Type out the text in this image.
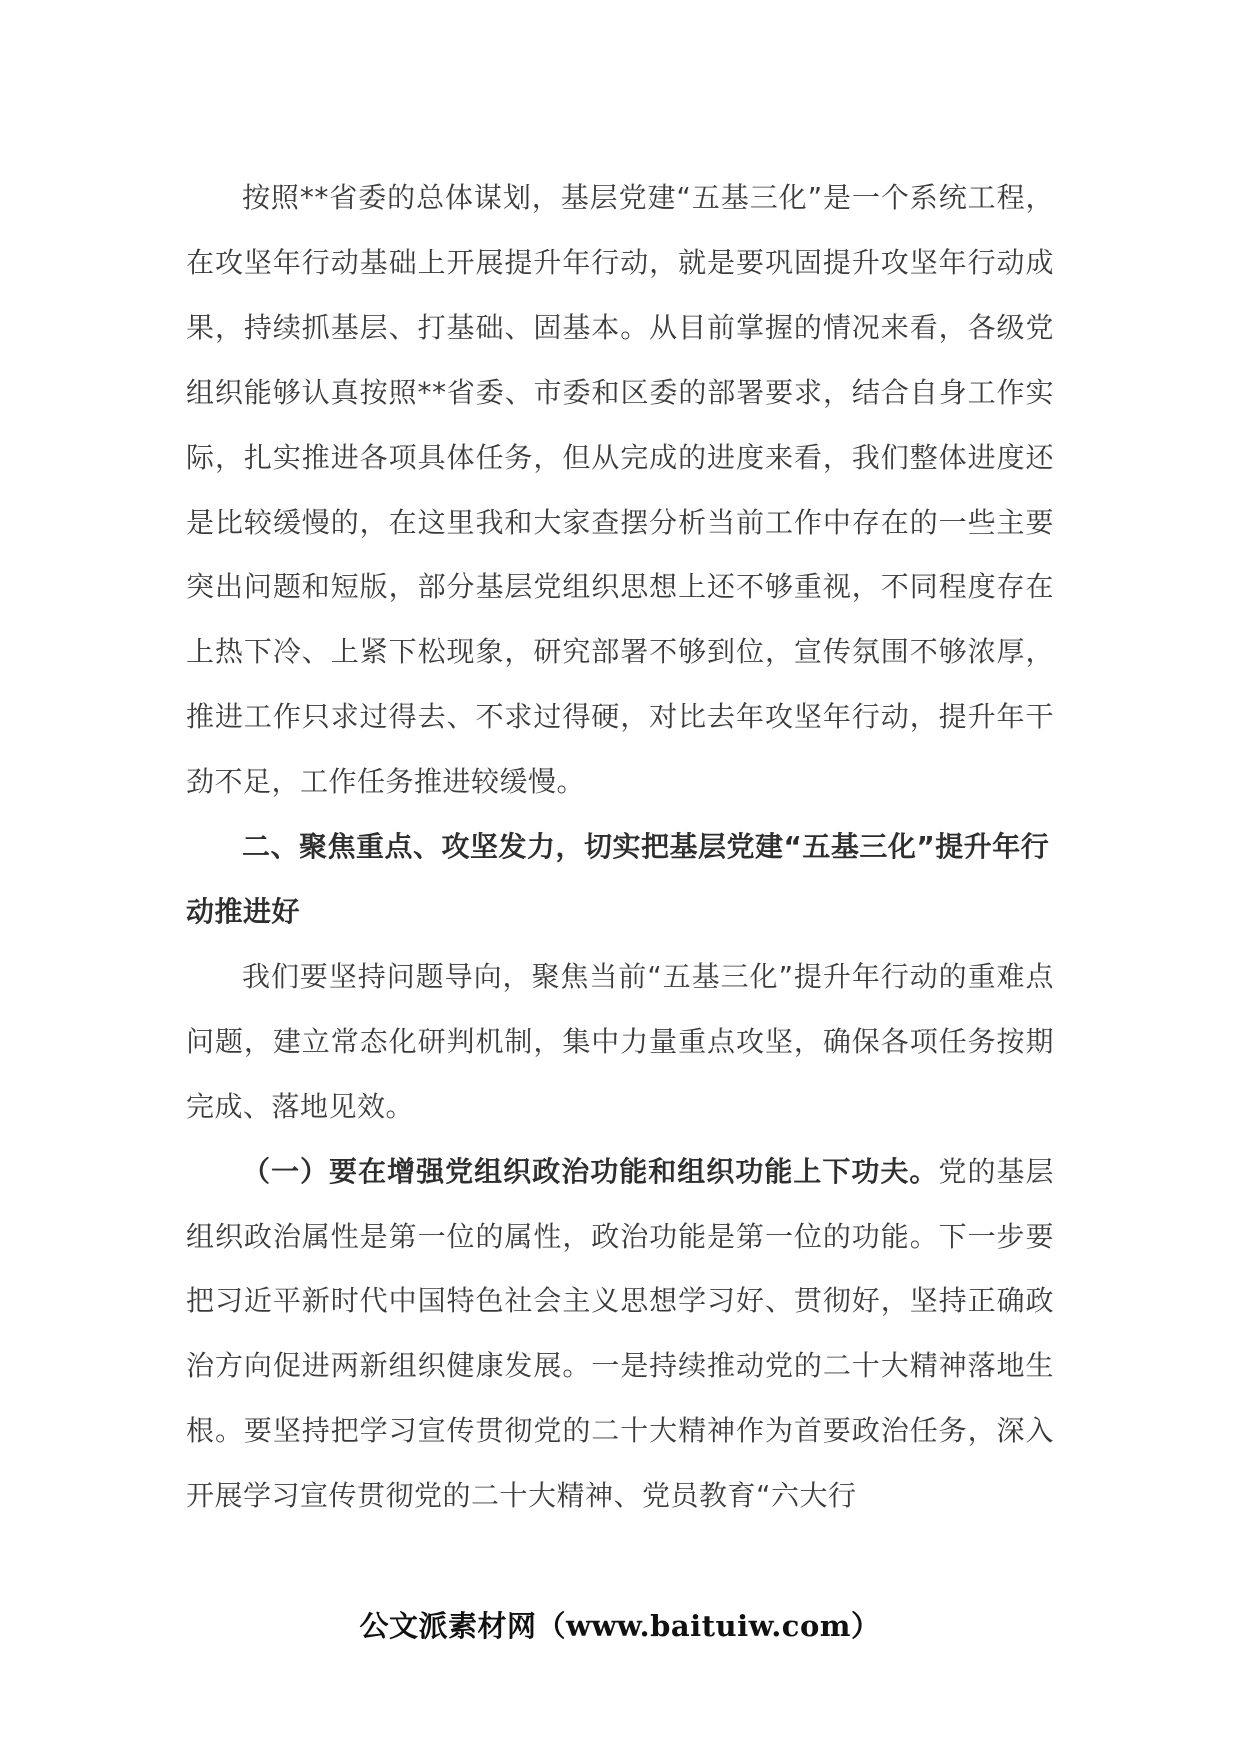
按照**省委的总体谋划，基层党建“五基三化”是一个系统工程，在攻坚年行动基础上开展提升年行动，就是要巩固提升攻坚年行动成果，持续抓基层、打基础、固基本。从目前掌握的情况来看，各级党组织能够认真按照**省委、市委和区委的部署要求，结合自身工作实际，扎实推进各项具体任务，但从完成的进度来看，我们整体进度还是比较缓慢的，在这里我和大家查摆分析当前工作中存在的一些主要突出问题和短版，部分基层党组织思想上还不够重视，不同程度存在上热下冷、上紧下松现象，研究部署不够到位，宣传氛围不够浓厚，推进工作只求过得去、不求过得硬，对比去年攻坚年行动，提升年干劲不足，工作任务推进较缓慢。

二、聚焦重点、攻坚发力，切实把基层党建“五基三化”提升年行动推进好

我们要坚持问题导向，聚焦当前“五基三化”提升年行动的重难点问题，建立常态化研判机制，集中力量重点攻坚，确保各项任务按期完成、落地见效。

（一）要在增强党组织政治功能和组织功能上下功夫。党的基层组织政治属性是第一位的属性，政治功能是第一位的功能。下一步要把习近平新时代中国特色社会主义思想学习好、贯彻好，坚持正确政治方向促进两新组织健康发展。一是持续推动党的二十大精神落地生根。要坚持把学习宣传贯彻党的二十大精神作为首要政治任务，深入开展学习宣传贯彻党的二十大精神、党员教育“六大行

公文派素材网（www.baituiw.com）
